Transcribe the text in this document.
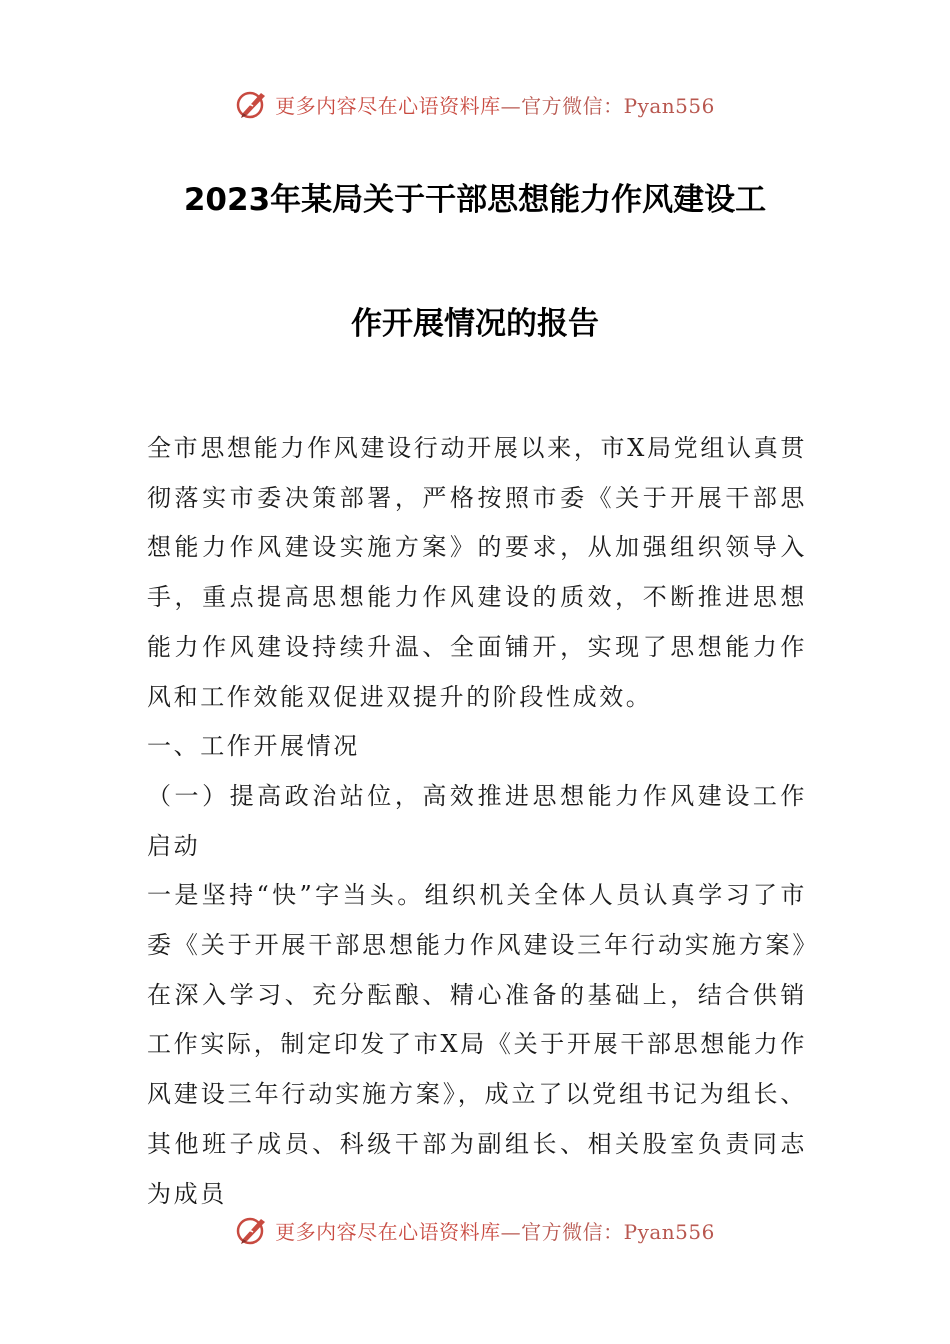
更多内容尽在心语资料库—官方微信：Pyan556
2023年某局关于干部思想能力作风建设工
作开展情况的报告

全市思想能力作风建设行动开展以来，市X局党组认真贯彻落实市委决策部署，严格按照市委《关于开展干部思想能力作风建设实施方案》的要求，从加强组织领导入手，重点提高思想能力作风建设的质效，不断推进思想能力作风建设持续升温、全面铺开，实现了思想能力作风和工作效能双促进双提升的阶段性成效。

一、工作开展情况

（一）提高政治站位，高效推进思想能力作风建设工作启动

一是坚持“快”字当头。组织机关全体人员认真学习了市委《关于开展干部思想能力作风建设三年行动实施方案》在深入学习、充分酝酿、精心准备的基础上，结合供销工作实际，制定印发了市X局《关于开展干部思想能力作风建设三年行动实施方案》，成立了以党组书记为组长、其他班子成员、科级干部为副组长、相关股室负责同志为成员

更多内容尽在心语资料库—官方微信：Pyan556
